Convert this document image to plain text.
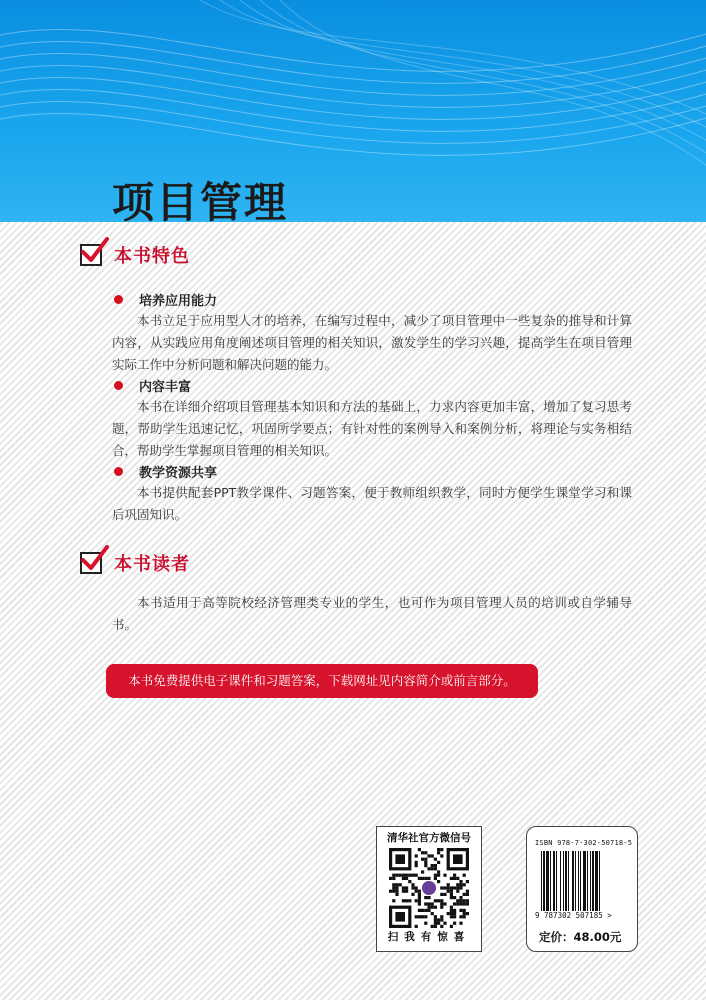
项目管理
本书特色
培养应用能力
本书立足于应用型人才的培养，在编写过程中，减少了项目管理中一些复杂的推导和计算内容，从实践应用角度阐述项目管理的相关知识，激发学生的学习兴趣，提高学生在项目管理实际工作中分析问题和解决问题的能力。
内容丰富
本书在详细介绍项目管理基本知识和方法的基础上，力求内容更加丰富，增加了复习思考题，帮助学生迅速记忆，巩固所学要点；有针对性的案例导入和案例分析，将理论与实务相结合，帮助学生掌握项目管理的相关知识。
教学资源共享
本书提供配套PPT教学课件、习题答案，便于教师组织教学，同时方便学生课堂学习和课后巩固知识。
本书读者
本书适用于高等院校经济管理类专业的学生，也可作为项目管理人员的培训或自学辅导书。
本书免费提供电子课件和习题答案，下载网址见内容简介或前言部分。
清华社官方微信号
扫我有惊喜
ISBN 978-7-302-50718-5
9 787302 507185 >
定价：48.00元
